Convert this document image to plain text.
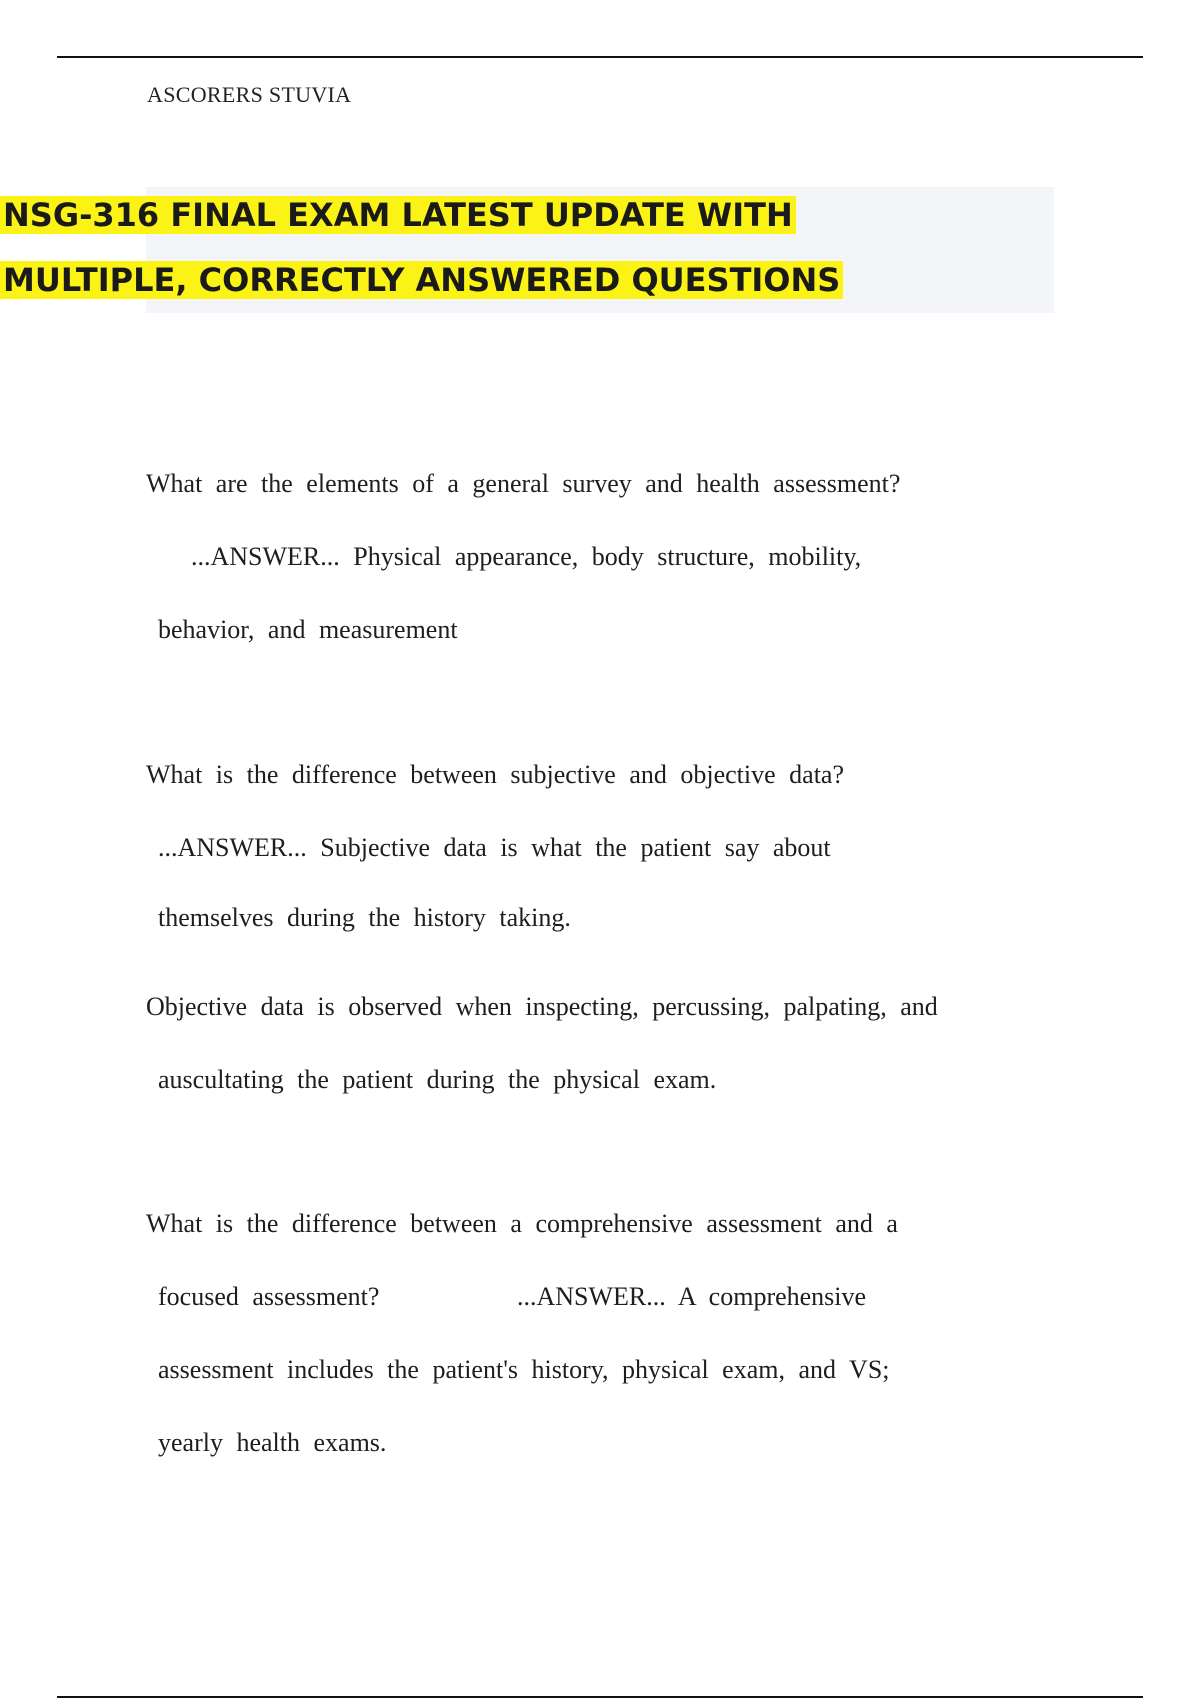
ASCORERS STUVIA
NSG-316 FINAL EXAM LATEST UPDATE WITH
MULTIPLE, CORRECTLY ANSWERED QUESTIONS
What are the elements of a general survey and health assessment?
...ANSWER... Physical appearance, body structure, mobility,
behavior, and measurement
What is the difference between subjective and objective data?
...ANSWER... Subjective data is what the patient say about
themselves during the history taking.
Objective data is observed when inspecting, percussing, palpating, and
auscultating the patient during the physical exam.
What is the difference between a comprehensive assessment and a
focused assessment?	...ANSWER... A comprehensive
assessment includes the patient's history, physical exam, and VS;
yearly health exams.
